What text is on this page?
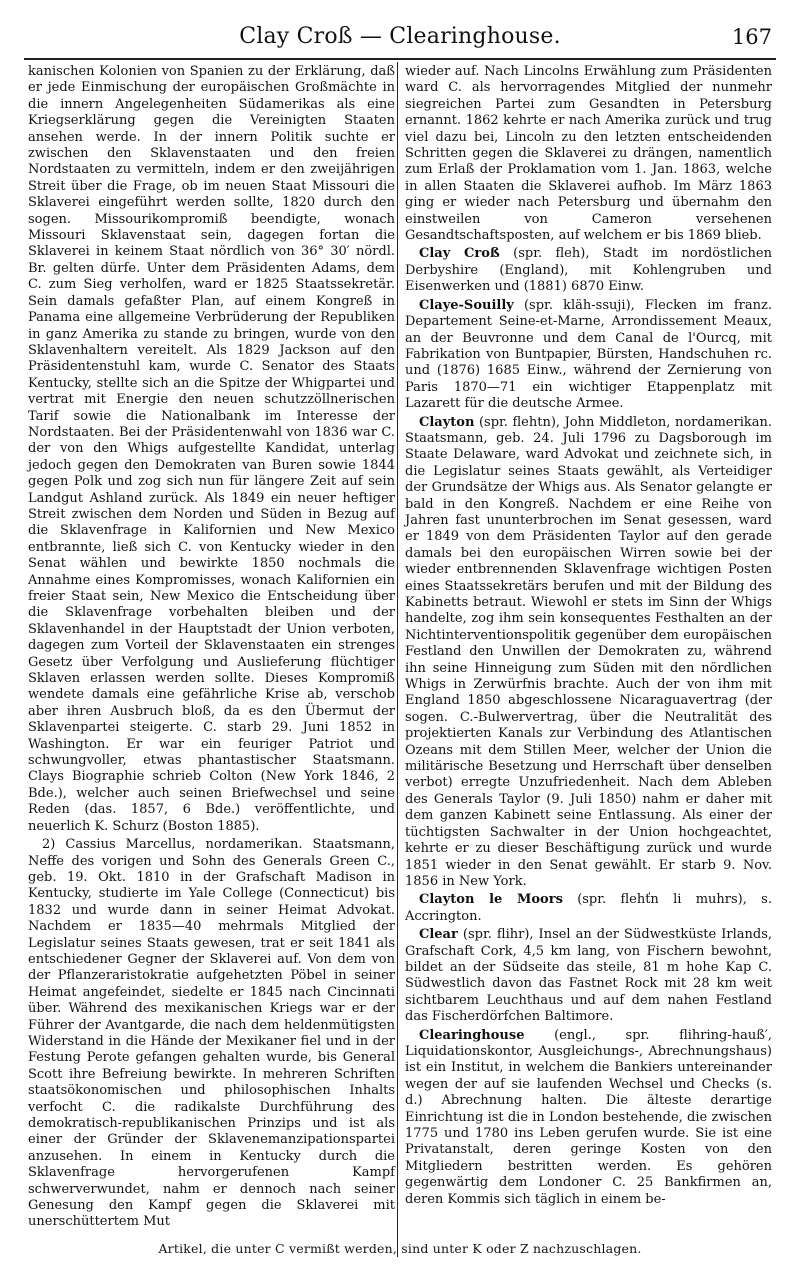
Clay Croß — Clearinghouse.	167

kanischen Kolonien von Spanien zu der Erklärung, daß er jede Einmischung der europäischen Großmächte in die innern Angelegenheiten Südamerikas als eine Kriegserklärung gegen die Vereinigten Staaten ansehen werde. In der innern Politik suchte er zwischen den Sklavenstaaten und den freien Nordstaaten zu vermitteln, indem er den zweijährigen Streit über die Frage, ob im neuen Staat Missouri die Sklaverei eingeführt werden sollte, 1820 durch den sogen. Missourikompromiß beendigte, wonach Missouri Sklavenstaat sein, dagegen fortan die Sklaverei in keinem Staat nördlich von 36° 30′ nördl. Br. gelten dürfe. Unter dem Präsidenten Adams, dem C. zum Sieg verholfen, ward er 1825 Staatssekretär. Sein damals gefaßter Plan, auf einem Kongreß in Panama eine allgemeine Verbrüderung der Republiken in ganz Amerika zu stande zu bringen, wurde von den Sklavenhaltern vereitelt. Als 1829 Jackson auf den Präsidentenstuhl kam, wurde C. Senator des Staats Kentucky, stellte sich an die Spitze der Whigpartei und vertrat mit Energie den neuen schutzzöllnerischen Tarif sowie die Nationalbank im Interesse der Nordstaaten. Bei der Präsidentenwahl von 1836 war C. der von den Whigs aufgestellte Kandidat, unterlag jedoch gegen den Demokraten van Buren sowie 1844 gegen Polk und zog sich nun für längere Zeit auf sein Landgut Ashland zurück. Als 1849 ein neuer heftiger Streit zwischen dem Norden und Süden in Bezug auf die Sklavenfrage in Kalifornien und New Mexico entbrannte, ließ sich C. von Kentucky wieder in den Senat wählen und bewirkte 1850 nochmals die Annahme eines Kompromisses, wonach Kalifornien ein freier Staat sein, New Mexico die Entscheidung über die Sklavenfrage vorbehalten bleiben und der Sklavenhandel in der Hauptstadt der Union verboten, dagegen zum Vorteil der Sklavenstaaten ein strenges Gesetz über Verfolgung und Auslieferung flüchtiger Sklaven erlassen werden sollte. Dieses Kompromiß wendete damals eine gefährliche Krise ab, verschob aber ihren Ausbruch bloß, da es den Übermut der Sklavenpartei steigerte. C. starb 29. Juni 1852 in Washington. Er war ein feuriger Patriot und schwungvoller, etwas phantastischer Staatsmann. Clays Biographie schrieb Colton (New York 1846, 2 Bde.), welcher auch seinen Briefwechsel und seine Reden (das. 1857, 6 Bde.) veröffentlichte, und neuerlich K. Schurz (Boston 1885).

2) Cassius Marcellus, nordamerikan. Staatsmann, Neffe des vorigen und Sohn des Generals Green C., geb. 19. Okt. 1810 in der Grafschaft Madison in Kentucky, studierte im Yale College (Connecticut) bis 1832 und wurde dann in seiner Heimat Advokat. Nachdem er 1835—40 mehrmals Mitglied der Legislatur seines Staats gewesen, trat er seit 1841 als entschiedener Gegner der Sklaverei auf. Von dem von der Pflanzeraristokratie aufgehetzten Pöbel in seiner Heimat angefeindet, siedelte er 1845 nach Cincinnati über. Während des mexikanischen Kriegs war er der Führer der Avantgarde, die nach dem heldenmütigsten Widerstand in die Hände der Mexikaner fiel und in der Festung Perote gefangen gehalten wurde, bis General Scott ihre Befreiung bewirkte. In mehreren Schriften staatsökonomischen und philosophischen Inhalts verfocht C. die radikalste Durchführung des demokratisch-republikanischen Prinzips und ist als einer der Gründer der Sklavenemanzipationspartei anzusehen. In einem in Kentucky durch die Sklavenfrage hervorgerufenen Kampf schwerverwundet, nahm er dennoch nach seiner Genesung den Kampf gegen die Sklaverei mit unerschüttertem Mut

wieder auf. Nach Lincolns Erwählung zum Präsidenten ward C. als hervorragendes Mitglied der nunmehr siegreichen Partei zum Gesandten in Petersburg ernannt. 1862 kehrte er nach Amerika zurück und trug viel dazu bei, Lincoln zu den letzten entscheidenden Schritten gegen die Sklaverei zu drängen, namentlich zum Erlaß der Proklamation vom 1. Jan. 1863, welche in allen Staaten die Sklaverei aufhob. Im März 1863 ging er wieder nach Petersburg und übernahm den einstweilen von Cameron versehenen Gesandtschaftsposten, auf welchem er bis 1869 blieb.

Clay Croß (spr. fleh), Stadt im nordöstlichen Derbyshire (England), mit Kohlengruben und Eisenwerken und (1881) 6870 Einw.

Claye-Souilly (spr. kläh-ssuji), Flecken im franz. Departement Seine-et-Marne, Arrondissement Meaux, an der Beuvronne und dem Canal de l'Ourcq, mit Fabrikation von Buntpapier, Bürsten, Handschuhen rc. und (1876) 1685 Einw., während der Zernierung von Paris 1870—71 ein wichtiger Etappenplatz mit Lazarett für die deutsche Armee.

Clayton (spr. flehtn), John Middleton, nordamerikan. Staatsmann, geb. 24. Juli 1796 zu Dagsborough im Staate Delaware, ward Advokat und zeichnete sich, in die Legislatur seines Staats gewählt, als Verteidiger der Grundsätze der Whigs aus. Als Senator gelangte er bald in den Kongreß. Nachdem er eine Reihe von Jahren fast ununterbrochen im Senat gesessen, ward er 1849 von dem Präsidenten Taylor auf den gerade damals bei den europäischen Wirren sowie bei der wieder entbrennenden Sklavenfrage wichtigen Posten eines Staatssekretärs berufen und mit der Bildung des Kabinetts betraut. Wiewohl er stets im Sinn der Whigs handelte, zog ihm sein konsequentes Festhalten an der Nichtinterventionspolitik gegenüber dem europäischen Festland den Unwillen der Demokraten zu, während ihn seine Hinneigung zum Süden mit den nördlichen Whigs in Zerwürfnis brachte. Auch der von ihm mit England 1850 abgeschlossene Nicaraguavertrag (der sogen. C.-Bulwervertrag, über die Neutralität des projektierten Kanals zur Verbindung des Atlantischen Ozeans mit dem Stillen Meer, welcher der Union die militärische Besetzung und Herrschaft über denselben verbot) erregte Unzufriedenheit. Nach dem Ableben des Generals Taylor (9. Juli 1850) nahm er daher mit dem ganzen Kabinett seine Entlassung. Als einer der tüchtigsten Sachwalter in der Union hochgeachtet, kehrte er zu dieser Beschäftigung zurück und wurde 1851 wieder in den Senat gewählt. Er starb 9. Nov. 1856 in New York.

Clayton le Moors (spr. flehťn li muhrs), s. Accrington.

Clear (spr. flihr), Insel an der Südwestküste Irlands, Grafschaft Cork, 4,5 km lang, von Fischern bewohnt, bildet an der Südseite das steile, 81 m hohe Kap C. Südwestlich davon das Fastnet Rock mit 28 km weit sichtbarem Leuchthaus und auf dem nahen Festland das Fischerdörfchen Baltimore.

Clearinghouse (engl., spr. flihring-hauß′, Liquidationskontor, Ausgleichungs-, Abrechnungshaus) ist ein Institut, in welchem die Bankiers untereinander wegen der auf sie laufenden Wechsel und Checks (s. d.) Abrechnung halten. Die älteste derartige Einrichtung ist die in London bestehende, die zwischen 1775 und 1780 ins Leben gerufen wurde. Sie ist eine Privatanstalt, deren geringe Kosten von den Mitgliedern bestritten werden. Es gehören gegenwärtig dem Londoner C. 25 Bankfirmen an, deren Kommis sich täglich in einem be-

Artikel, die unter C vermißt werden, sind unter K oder Z nachzuschlagen.
